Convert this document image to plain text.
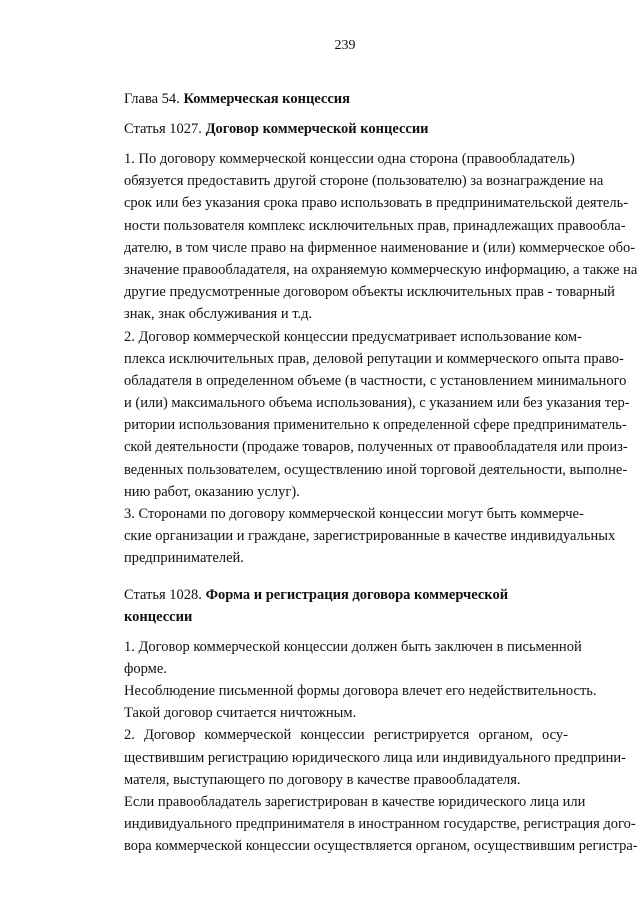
239
Глава 54. Коммерческая концессия
Статья 1027. Договор коммерческой концессии

1. По договору коммерческой концессии одна сторона (правообладатель)
обязуется предоставить другой стороне (пользователю) за вознаграждение на
срок или без указания срока право использовать в предпринимательской деятель-
ности пользователя комплекс исключительных прав, принадлежащих правообла-
дателю, в том числе право на фирменное наименование и (или) коммерческое обо-
значение правообладателя, на охраняемую коммерческую информацию, а также на
другие предусмотренные договором объекты исключительных прав - товарный
знак, знак обслуживания и т.д.

2. Договор коммерческой концессии предусматривает использование ком-
плекса исключительных прав, деловой репутации и коммерческого опыта право-
обладателя в определенном объеме (в частности, с установлением минимального
и (или) максимального объема использования), с указанием или без указания тер-
ритории использования применительно к определенной сфере предприниматель-
ской деятельности (продаже товаров, полученных от правообладателя или произ-
веденных пользователем, осуществлению иной торговой деятельности, выполне-
нию работ, оказанию услуг).

3. Сторонами по договору коммерческой концессии могут быть коммерче-
ские организации и граждане, зарегистрированные в качестве индивидуальных
предпринимателей.

Статья 1028. Форма и регистрация договора коммерческой концессии

1. Договор коммерческой концессии должен быть заключен в письменной
форме.

Несоблюдение письменной формы договора влечет его недействительность.
Такой договор считается ничтожным.

2. Договор коммерческой концессии регистрируется органом, осу-
ществившим регистрацию юридического лица или индивидуального предприни-
мателя, выступающего по договору в качестве правообладателя.

Если правообладатель зарегистрирован в качестве юридического лица или
индивидуального предпринимателя в иностранном государстве, регистрация дого-
вора коммерческой концессии осуществляется органом, осуществившим регистра-
